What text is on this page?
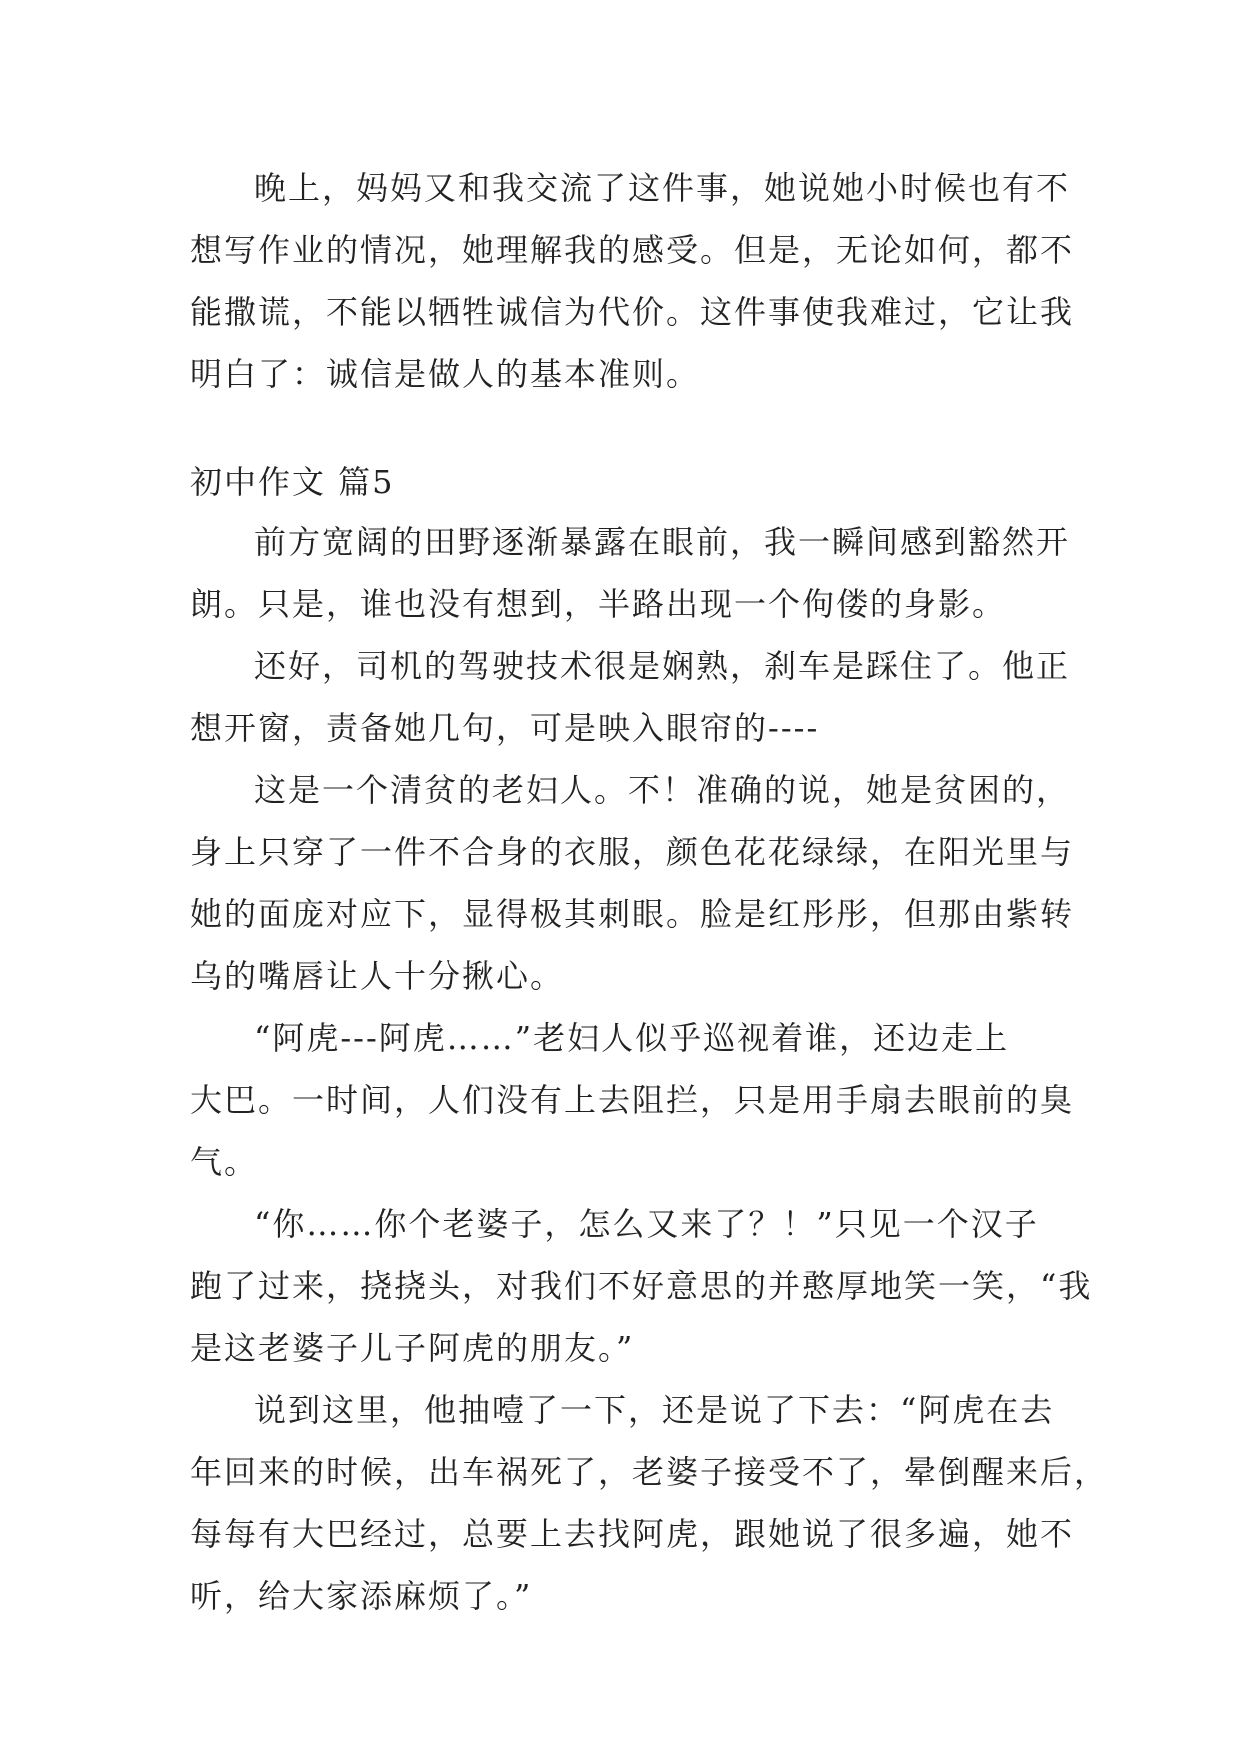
晚上，妈妈又和我交流了这件事，她说她小时候也有不
想写作业的情况，她理解我的感受。但是，无论如何，都不
能撒谎，不能以牺牲诚信为代价。这件事使我难过，它让我
明白了：诚信是做人的基本准则。
初中作文 篇5
前方宽阔的田野逐渐暴露在眼前，我一瞬间感到豁然开
朗。只是，谁也没有想到，半路出现一个佝偻的身影。
还好，司机的驾驶技术很是娴熟，刹车是踩住了。他正
想开窗，责备她几句，可是映入眼帘的----
这是一个清贫的老妇人。不！准确的说，她是贫困的，
身上只穿了一件不合身的衣服，颜色花花绿绿，在阳光里与
她的面庞对应下，显得极其刺眼。脸是红彤彤，但那由紫转
乌的嘴唇让人十分揪心。
“阿虎---阿虎……”老妇人似乎巡视着谁，还边走上
大巴。一时间，人们没有上去阻拦，只是用手扇去眼前的臭
气。
“你……你个老婆子，怎么又来了？！”只见一个汉子
跑了过来，挠挠头，对我们不好意思的并憨厚地笑一笑，“我
是这老婆子儿子阿虎的朋友。”
说到这里，他抽噎了一下，还是说了下去：“阿虎在去
年回来的时候，出车祸死了，老婆子接受不了，晕倒醒来后，
每每有大巴经过，总要上去找阿虎，跟她说了很多遍，她不
听，给大家添麻烦了。”
